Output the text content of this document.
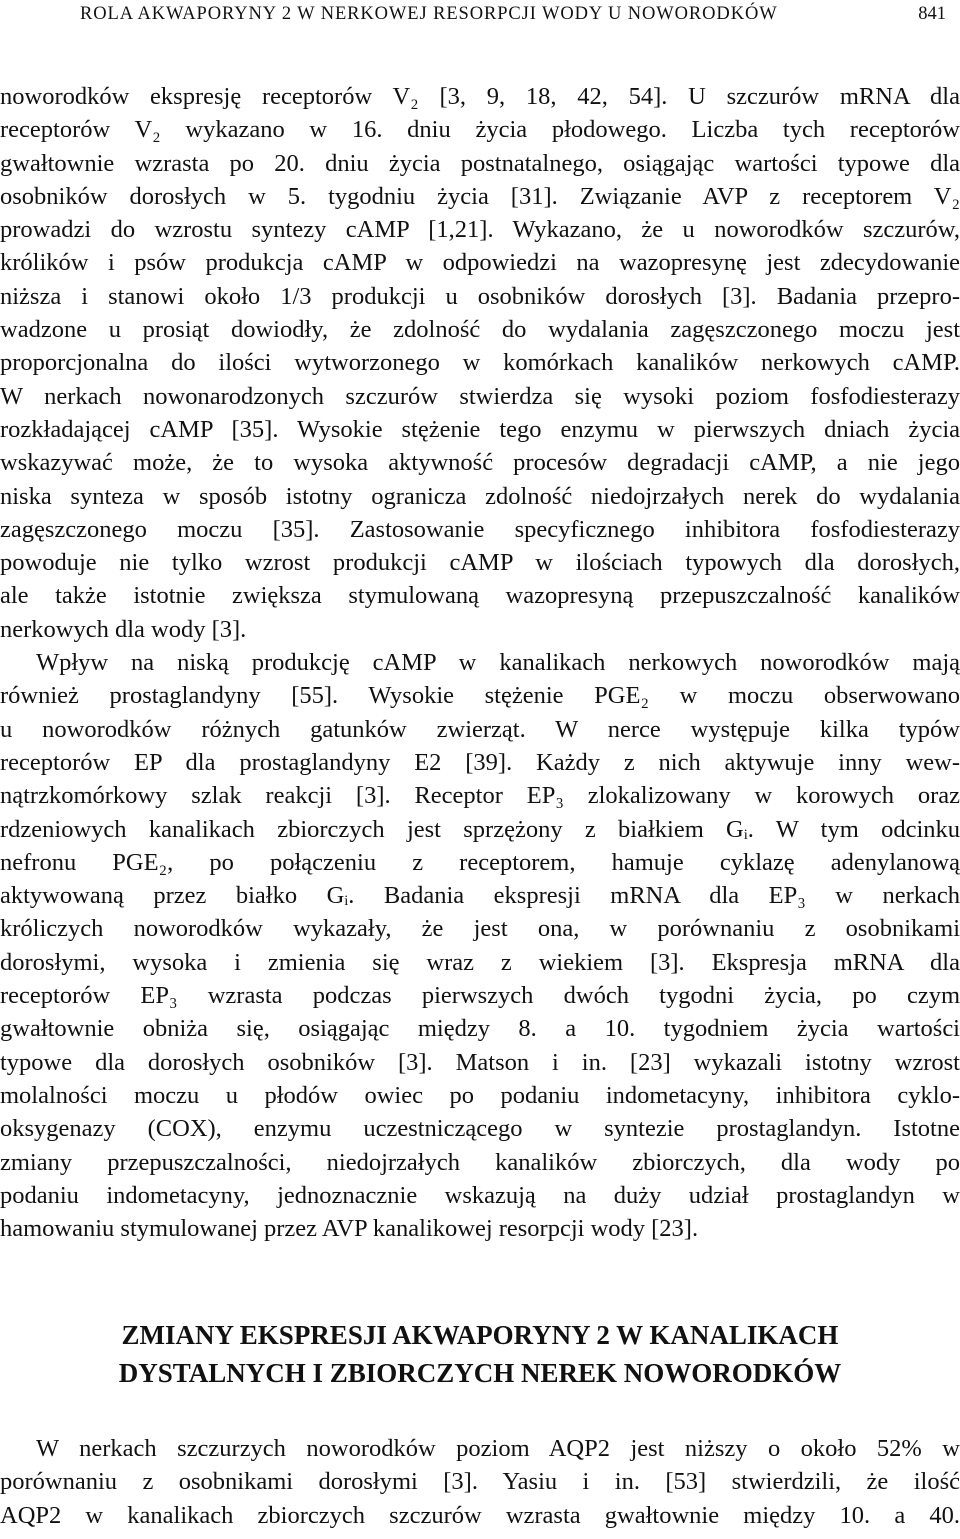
ROLA AKWAPORYNY 2 W NERKOWEJ RESORPCJI WODY U NOWORODKÓW	841
noworodków ekspresję receptorów V₂ [3, 9, 18, 42, 54]. U szczurów mRNA dla
receptorów V₂ wykazano w 16. dniu życia płodowego. Liczba tych receptorów
gwałtownie wzrasta po 20. dniu życia postnatalnego, osiągając wartości typowe dla
osobników dorosłych w 5. tygodniu życia [31]. Związanie AVP z receptorem V₂
prowadzi do wzrostu syntezy cAMP [1,21]. Wykazano, że u noworodków szczurów,
królików i psów produkcja cAMP w odpowiedzi na wazopresynę jest zdecydowanie
niższa i stanowi około 1/3 produkcji u osobników dorosłych [3]. Badania przepro-
wadzone u prosiąt dowiodły, że zdolność do wydalania zagęszczonego moczu jest
proporcjonalna do ilości wytworzonego w komórkach kanalików nerkowych cAMP.
W nerkach nowonarodzonych szczurów stwierdza się wysoki poziom fosfodiesterazy
rozkładającej cAMP [35]. Wysokie stężenie tego enzymu w pierwszych dniach życia
wskazywać może, że to wysoka aktywność procesów degradacji cAMP, a nie jego
niska synteza w sposób istotny ogranicza zdolność niedojrzałych nerek do wydalania
zagęszczonego moczu [35]. Zastosowanie specyficznego inhibitora fosfodiesterazy
powoduje nie tylko wzrost produkcji cAMP w ilościach typowych dla dorosłych,
ale także istotnie zwiększa stymulowaną wazopresyną przepuszczalność kanalików
nerkowych dla wody [3].
Wpływ na niską produkcję cAMP w kanalikach nerkowych noworodków mają
również prostaglandyny [55]. Wysokie stężenie PGE₂ w moczu obserwowano
u noworodków różnych gatunków zwierząt. W nerce występuje kilka typów
receptorów EP dla prostaglandyny E2 [39]. Każdy z nich aktywuje inny wew-
nątrzkomórkowy szlak reakcji [3]. Receptor EP₃ zlokalizowany w korowych oraz
rdzeniowych kanalikach zbiorczych jest sprzężony z białkiem Gᵢ. W tym odcinku
nefronu PGE₂, po połączeniu z receptorem, hamuje cyklazę adenylanową
aktywowaną przez białko Gᵢ. Badania ekspresji mRNA dla EP₃ w nerkach
króliczych noworodków wykazały, że jest ona, w porównaniu z osobnikami
dorosłymi, wysoka i zmienia się wraz z wiekiem [3]. Ekspresja mRNA dla
receptorów EP₃ wzrasta podczas pierwszych dwóch tygodni życia, po czym
gwałtownie obniża się, osiągając między 8. a 10. tygodniem życia wartości
typowe dla dorosłych osobników [3]. Matson i in. [23] wykazali istotny wzrost
molalności moczu u płodów owiec po podaniu indometacyny, inhibitora cyklo-
oksygenazy (COX), enzymu uczestniczącego w syntezie prostaglandyn. Istotne
zmiany przepuszczalności, niedojrzałych kanalików zbiorczych, dla wody po
podaniu indometacyny, jednoznacznie wskazują na duży udział prostaglandyn w
hamowaniu stymulowanej przez AVP kanalikowej resorpcji wody [23].
ZMIANY EKSPRESJI AKWAPORYNY 2 W KANALIKACH
DYSTALNYCH I ZBIORCZYCH NEREK NOWORODKÓW
W nerkach szczurzych noworodków poziom AQP2 jest niższy o około 52% w
porównaniu z osobnikami dorosłymi [3]. Yasiu i in. [53] stwierdzili, że ilość
AQP2 w kanalikach zbiorczych szczurów wzrasta gwałtownie między 10. a 40.
